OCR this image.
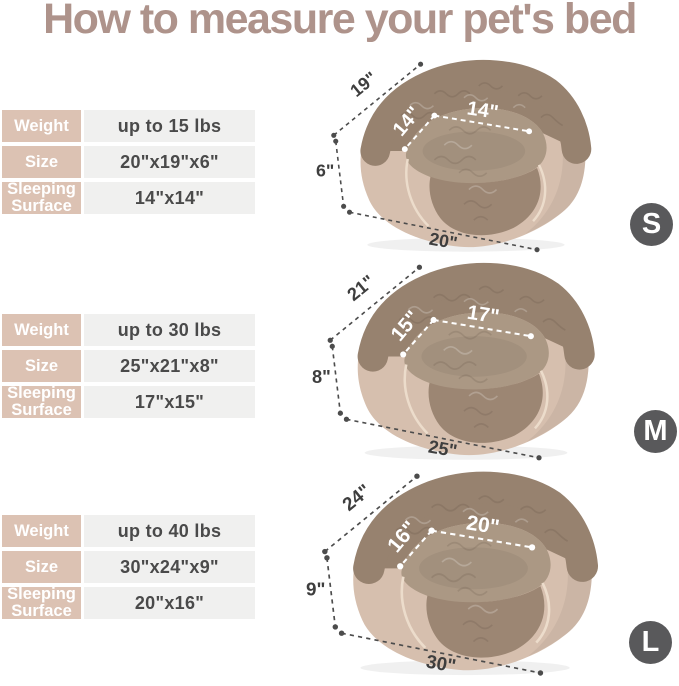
How to measure your pet's bed
Weight	up to 15 lbs
Size	20"x19"x6"
Sleeping Surface	14"x14"
19"
6"
20"
14" 14"
S
Weight	up to 30 lbs
Size	25"x21"x8"
Sleeping Surface	17"x15"
21"
8"
25"
15" 17"
M
Weight	up to 40 lbs
Size	30"x24"x9"
Sleeping Surface	20"x16"
24"
9"
30"
16" 20"
L
